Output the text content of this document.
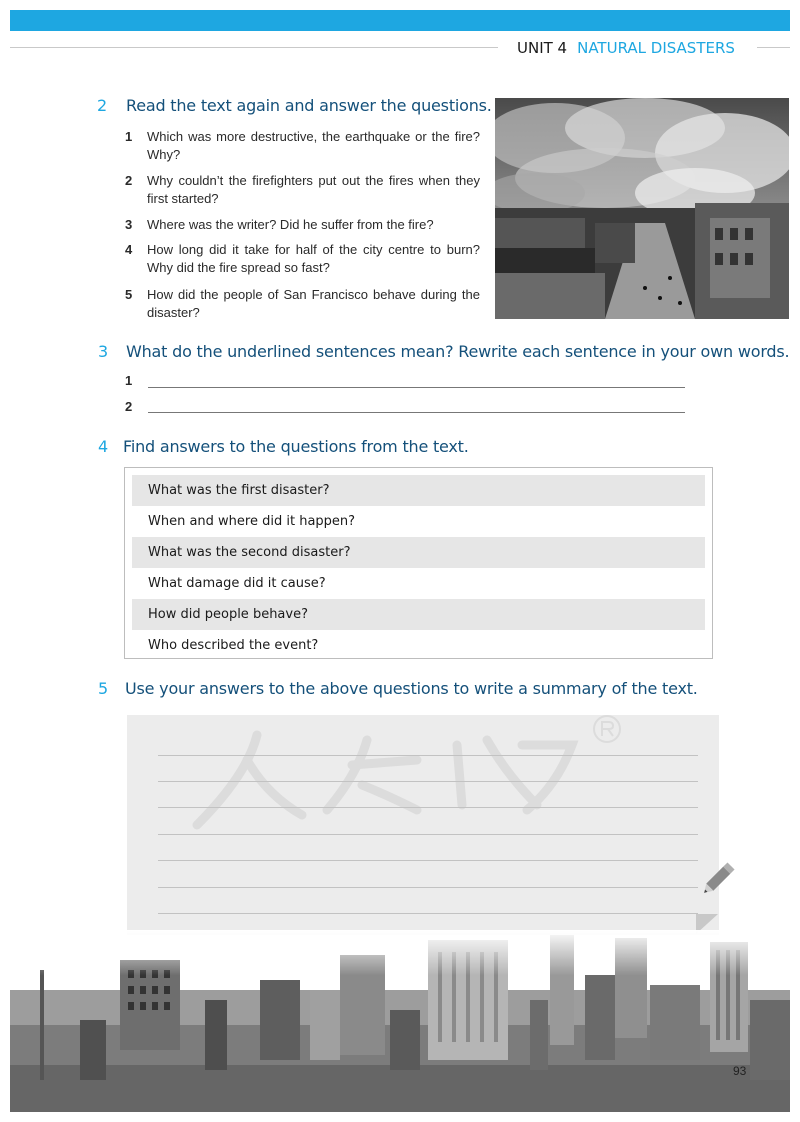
UNIT 4 NATURAL DISASTERS
2 Read the text again and answer the questions.
1 Which was more destructive, the earthquake or the fire? Why?
2 Why couldn’t the firefighters put out the fires when they first started?
3 Where was the writer? Did he suffer from the fire?
4 How long did it take for half of the city centre to burn? Why did the fire spread so fast?
5 How did the people of San Francisco behave during the disaster?
3 What do the underlined sentences mean? Rewrite each sentence in your own words.
1
2
4 Find answers to the questions from the text.
What was the first disaster?
When and where did it happen?
What was the second disaster?
What damage did it cause?
How did people behave?
Who described the event?
5 Use your answers to the above questions to write a summary of the text.
93
